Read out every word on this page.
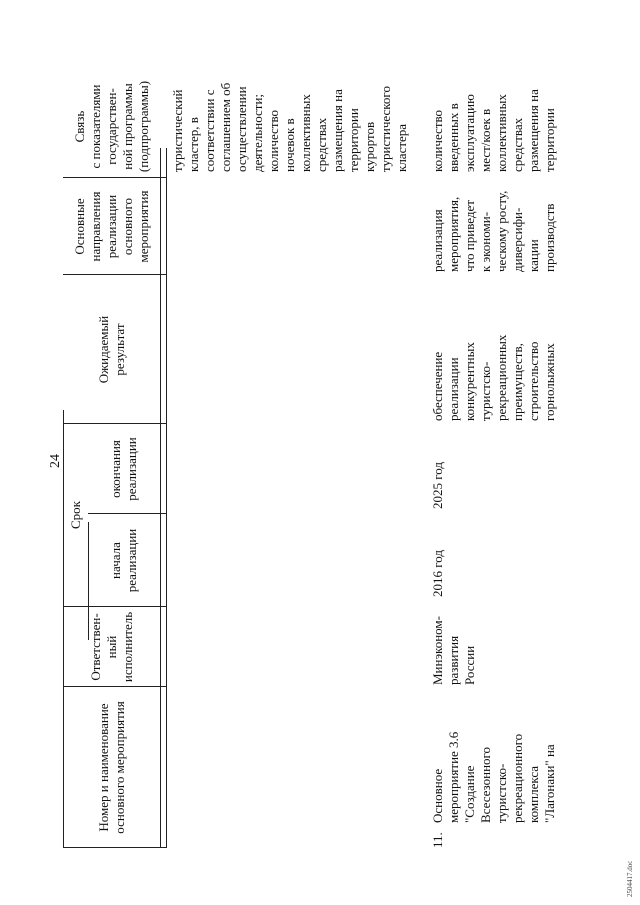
24
Номер и наименование основного мероприятия
Ответствен- ный исполнитель
Срок
начала реализации
окончания реализации
Ожидаемый результат
Основные направления реализации основного мероприятия
Связь с показателями государствен- ной программы (подпрограммы) туристический кластер, в соответствии с соглашением об осуществлении деятельности; количество ночевок в коллективных средствах размещения на территории курортов туристического кластера
11.
Основное мероприятие 3.6 "Создание Всесезонного туристско- рекреационного комплекса "Лагонаки" на
Минэконом- развития России
2016 год
2025 год
обеспечение реализации конкурентных туристско- рекреационных преимуществ, строительство горнолыжных
реализация мероприятия, что приведет к экономи- ческому росту, диверсифи- кации производств
количество введенных в эксплуатацию мест/коек в коллективных средствах размещения на территории
2504417.doc
